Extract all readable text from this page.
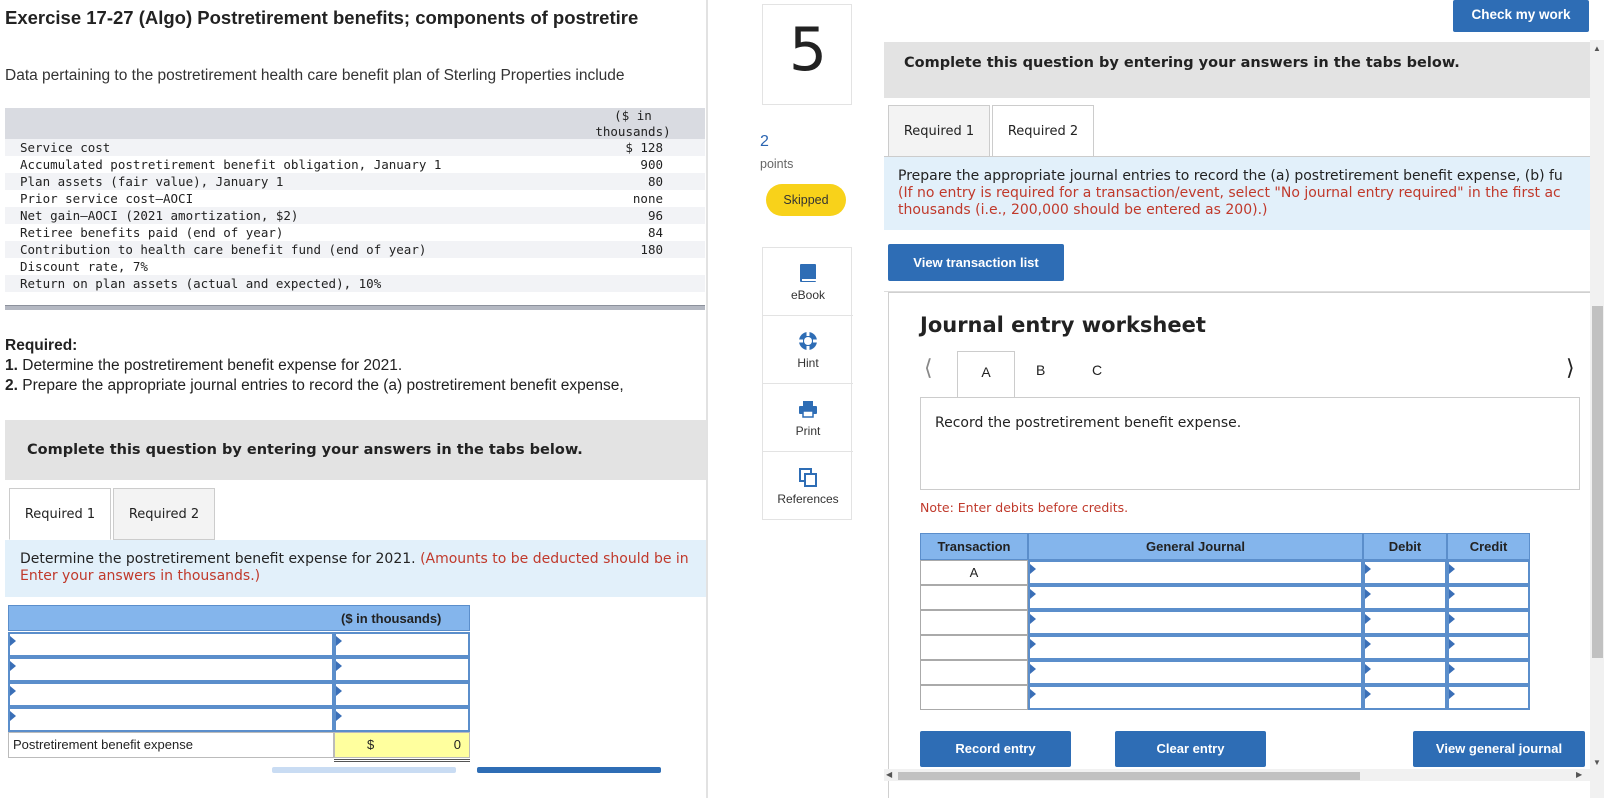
Exercise 17-27 (Algo) Postretirement benefits; components of postretire
Data pertaining to the postretirement health care benefit plan of Sterling Properties include
($ in
thousands)
Service cost	$ 128
Accumulated postretirement benefit obligation, January 1	900
Plan assets (fair value), January 1	80
Prior service cost—AOCI	none
Net gain—AOCI (2021 amortization, $2)	96
Retiree benefits paid (end of year)	84
Contribution to health care benefit fund (end of year)	180
Discount rate, 7%
Return on plan assets (actual and expected), 10%
Required:
1. Determine the postretirement benefit expense for 2021.
2. Prepare the appropriate journal entries to record the (a) postretirement benefit expense,
Complete this question by entering your answers in the tabs below.
Required 1	Required 2

Determine the postretirement benefit expense for 2021. (Amounts to be deducted should be in
Enter your answers in thousands.)

($ in thousands)
Postretirement benefit expense	$	0
5
2
points
Skipped
eBook
Hint
Print
References
Check my work
Complete this question by entering your answers in the tabs below.
Required 1	Required 2

Prepare the appropriate journal entries to record the (a) postretirement benefit expense, (b) fu
(If no entry is required for a transaction/event, select "No journal entry required" in the first ac
thousands (i.e., 200,000 should be entered as 200).)

View transaction list
Journal entry worksheet
⟨	⟩
A	B	C
Record the postretirement benefit expense.
Note: Enter debits before credits.
Transaction	General Journal	Debit	Credit
A
Record entry	Clear entry	View general journal
▲
▼
◀	▶
